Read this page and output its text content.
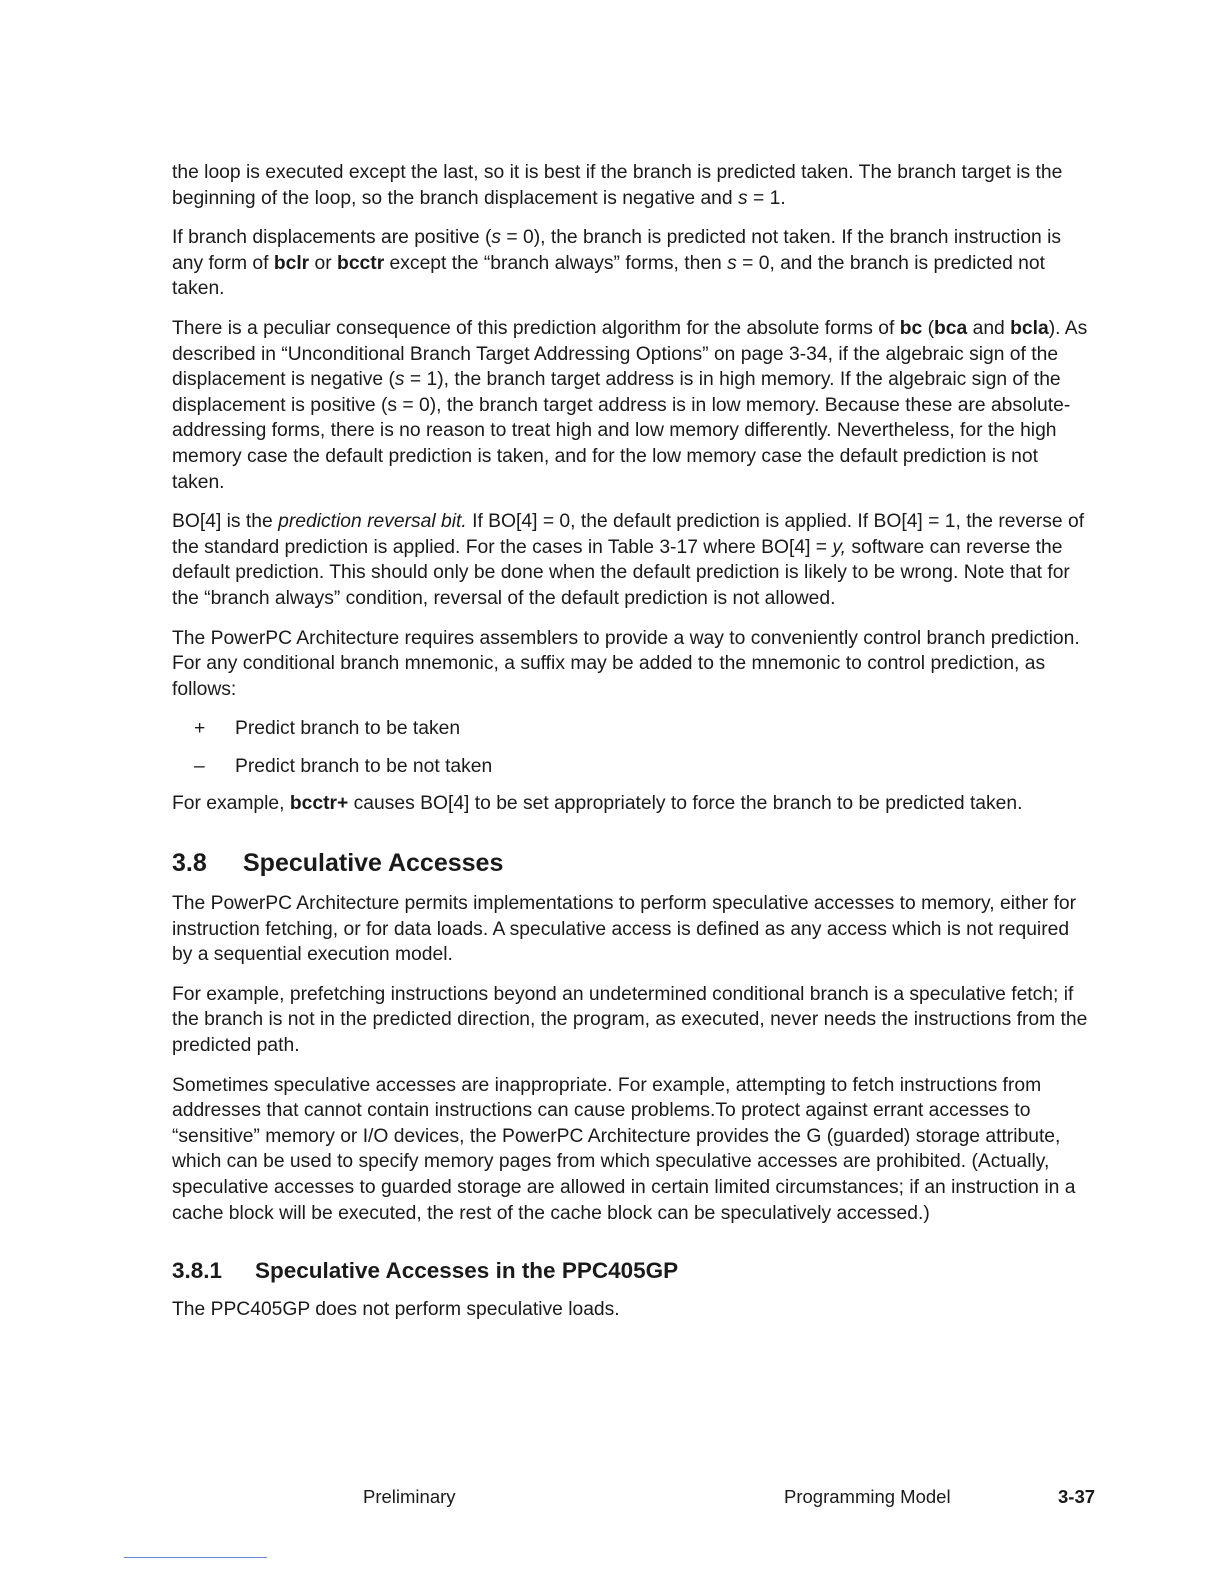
the loop is executed except the last, so it is best if the branch is predicted taken. The branch target is the beginning of the loop, so the branch displacement is negative and s = 1.

If branch displacements are positive (s = 0), the branch is predicted not taken. If the branch instruction is any form of bclr or bcctr except the “branch always” forms, then s = 0, and the branch is predicted not taken.

There is a peculiar consequence of this prediction algorithm for the absolute forms of bc (bca and bcla). As described in “Unconditional Branch Target Addressing Options” on page 3-34, if the algebraic sign of the displacement is negative (s = 1), the branch target address is in high memory. If the algebraic sign of the displacement is positive (s = 0), the branch target address is in low memory. Because these are absolute-addressing forms, there is no reason to treat high and low memory differently. Nevertheless, for the high memory case the default prediction is taken, and for the low memory case the default prediction is not taken.

BO[4] is the prediction reversal bit. If BO[4] = 0, the default prediction is applied. If BO[4] = 1, the reverse of the standard prediction is applied. For the cases in Table 3-17 where BO[4] = y, software can reverse the default prediction. This should only be done when the default prediction is likely to be wrong. Note that for the “branch always” condition, reversal of the default prediction is not allowed.

The PowerPC Architecture requires assemblers to provide a way to conveniently control branch prediction. For any conditional branch mnemonic, a suffix may be added to the mnemonic to control prediction, as follows:

+	Predict branch to be taken
–	Predict branch to be not taken

For example, bcctr+ causes BO[4] to be set appropriately to force the branch to be predicted taken.

3.8	Speculative Accesses

The PowerPC Architecture permits implementations to perform speculative accesses to memory, either for instruction fetching, or for data loads. A speculative access is defined as any access which is not required by a sequential execution model.

For example, prefetching instructions beyond an undetermined conditional branch is a speculative fetch; if the branch is not in the predicted direction, the program, as executed, never needs the instructions from the predicted path.

Sometimes speculative accesses are inappropriate. For example, attempting to fetch instructions from addresses that cannot contain instructions can cause problems.To protect against errant accesses to “sensitive” memory or I/O devices, the PowerPC Architecture provides the G (guarded) storage attribute, which can be used to specify memory pages from which speculative accesses are prohibited. (Actually, speculative accesses to guarded storage are allowed in certain limited circumstances; if an instruction in a cache block will be executed, the rest of the cache block can be speculatively accessed.)

3.8.1	Speculative Accesses in the PPC405GP

The PPC405GP does not perform speculative loads.

Preliminary	Programming Model	3-37
